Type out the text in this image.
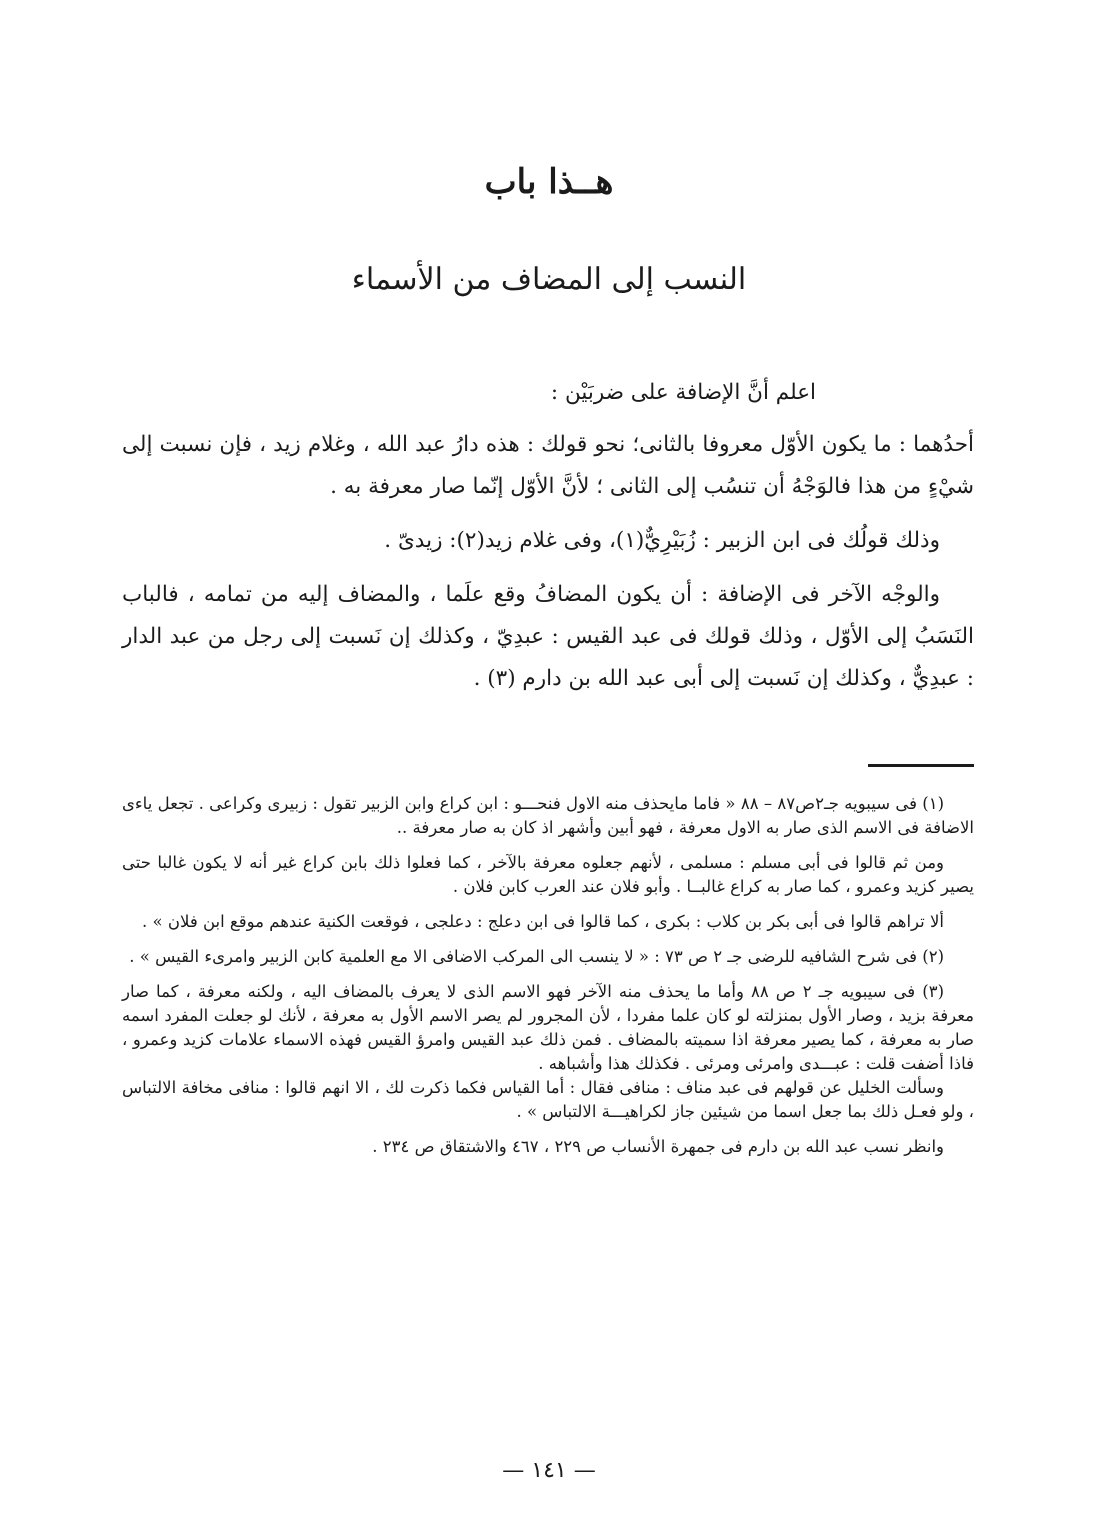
هــذا باب
النسب إلى المضاف من الأسماء

اعلم أنَّ الإضافة على ضربَيْن :

أحدُهما : ما يكون الأوّل معروفا بالثانى؛ نحو قولك : هذه دارُ عبد الله ، وغلام زيد ، فإن نسبت إلى شيْءٍ من هذا فالوَجْهُ أن تنسُب إلى الثانى ؛ لأنَّ الأوّل إنّما صار معرفة به .

وذلك قولُك فى ابن الزبير : زُبَيْرِيٌّ(١)، وفى غلام زيد(٢): زيدىّ .

والوجْه الآخر فى الإضافة : أن يكون المضافُ وقع علَما ، والمضاف إليه من تمامه ، فالباب النَسَبُ إلى الأوّل ، وذلك قولك فى عبد القيس : عبدِيّ ، وكذلك إن نَسبت إلى رجل من عبد الدار : عبدِيٌّ ، وكذلك إن نَسبت إلى أبى عبد الله بن دارم (٣) .

(١) فى سيبويه جـ٢ص٨٧ – ٨٨ « فاما مايحذف منه الاول فنحـــو : ابن كراع وابن الزبير تقول : زبيرى وكراعى . تجعل ياءى الاضافة فى الاسم الذى صار به الاول معرفة ، فهو أبين وأشهر اذ كان به صار معرفة ..

ومن ثم قالوا فى أبى مسلم : مسلمى ، لأنهم جعلوه معرفة بالآخر ، كما فعلوا ذلك بابن كراع غير أنه لا يكون غالبا حتى يصير كزيد وعمرو ، كما صار به كراع غالبــا . وأبو فلان عند العرب كابن فلان .

ألا تراهم قالوا فى أبى بكر بن كلاب : بكرى ، كما قالوا فى ابن دعلج : دعلجى ، فوقعت الكنية عندهم موقع ابن فلان » .

(٢) فى شرح الشافيه للرضى جـ ٢ ص ٧٣ : « لا ينسب الى المركب الاضافى الا مع العلمية كابن الزبير وامرىء القيس » .

(٣) فى سيبويه جـ ٢ ص ٨٨ وأما ما يحذف منه الآخر فهو الاسم الذى لا يعرف بالمضاف اليه ، ولكنه معرفة ، كما صار معرفة بزيد ، وصار الأول بمنزلته لو كان علما مفردا ، لأن المجرور لم يصر الاسم الأول به معرفة ، لأنك لو جعلت المفرد اسمه صار به معرفة ، كما يصير معرفة اذا سميته بالمضاف . فمن ذلك عبد القيس وامرؤ القيس فهذه الاسماء علامات كزيد وعمرو ، فاذا أضفت قلت : عبـــدى وامرئى ومرئى . فكذلك هذا وأشباهه .

وسألت الخليل عن قولهم فى عبد مناف : منافى فقال : أما القياس فكما ذكرت لك ، الا انهم قالوا : منافى مخافة الالتباس ، ولو فعـل ذلك بما جعل اسما من شيئين جاز لكراهيـــة الالتباس » .

وانظر نسب عبد الله بن دارم فى جمهرة الأنساب ص ٢٢٩ ، ٤٦٧ والاشتقاق ص ٢٣٤ .

— ١٤١ —
